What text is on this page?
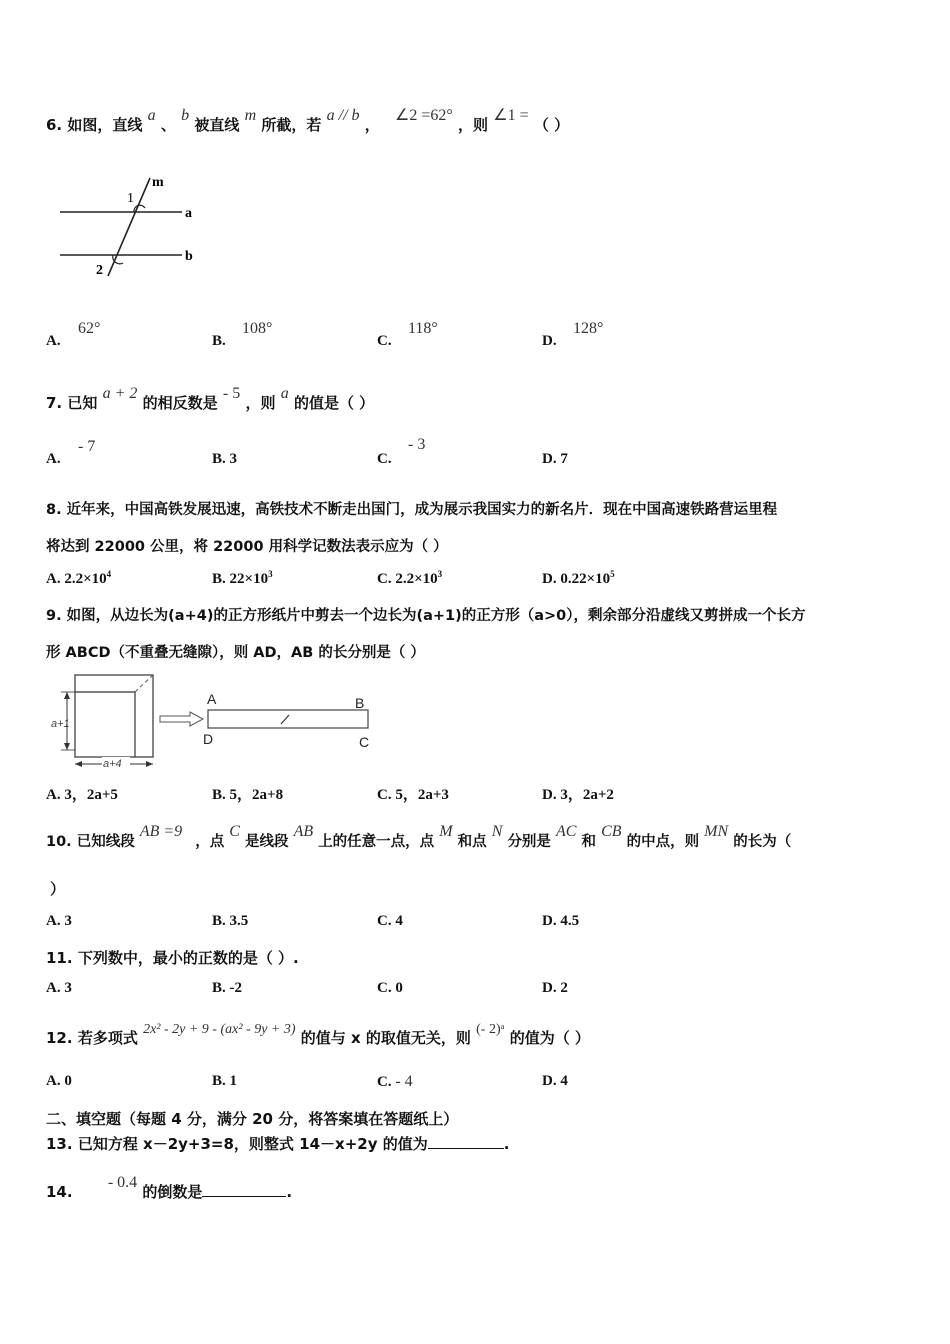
6. 如图，直线 a 、 b 被直线 m 所截，若 a // b ， ∠2 =62° ，则 ∠1 = （ ）
1
m
a
b
2
A.
62°
B.
108°
C.
118°
D.
128°
7. 已知 a + 2 的相反数是 - 5 ，则 a 的值是（ ）
A.
- 7
B. 3	C.
- 3
D. 7
8. 近年来，中国高铁发展迅速，高铁技术不断走出国门，成为展示我国实力的新名片．现在中国高速铁路营运里程
将达到 22000 公里，将 22000 用科学记数法表示应为（ ）
A. $2.2\times 10^4$	B. $22\times 10^3$	C. $2.2\times 10^3$	D. $0.22\times 10^5$
9. 如图，从边长为(a+4)的正方形纸片中剪去一个边长为(a+1)的正方形（a>0），剩余部分沿虚线又剪拼成一个长方
形 ABCD（不重叠无缝隙），则 AD，AB 的长分别是（ ）
a+1
a+4
A	B
D	C
A. 3，2a+5	B. 5，2a+8	C. 5，2a+3	D. 3，2a+2
10. 已知线段 AB =9 ，点 C 是线段 AB 上的任意一点，点 M 和点 N 分别是 AC 和 CB 的中点，则 MN 的长为（
）
A. 3	B. 3.5	C. 4	D. 4.5
11. 下列数中，最小的正数的是（ ）.
A. 3	B. -2	C. 0	D. 2
12. 若多项式 2x² - 2y + 9 - (ax² - 9y + 3) 的值与 x 的取值无关，则 (- 2)ᵃ 的值为（ ）
A. 0	B. 1	C. - 4	D. 4
二、填空题（每题 4 分，满分 20 分，将答案填在答题纸上）
13. 已知方程 x－2y+3=8，则整式 14－x+2y 的值为	.
14. - 0.4 的倒数是	.
